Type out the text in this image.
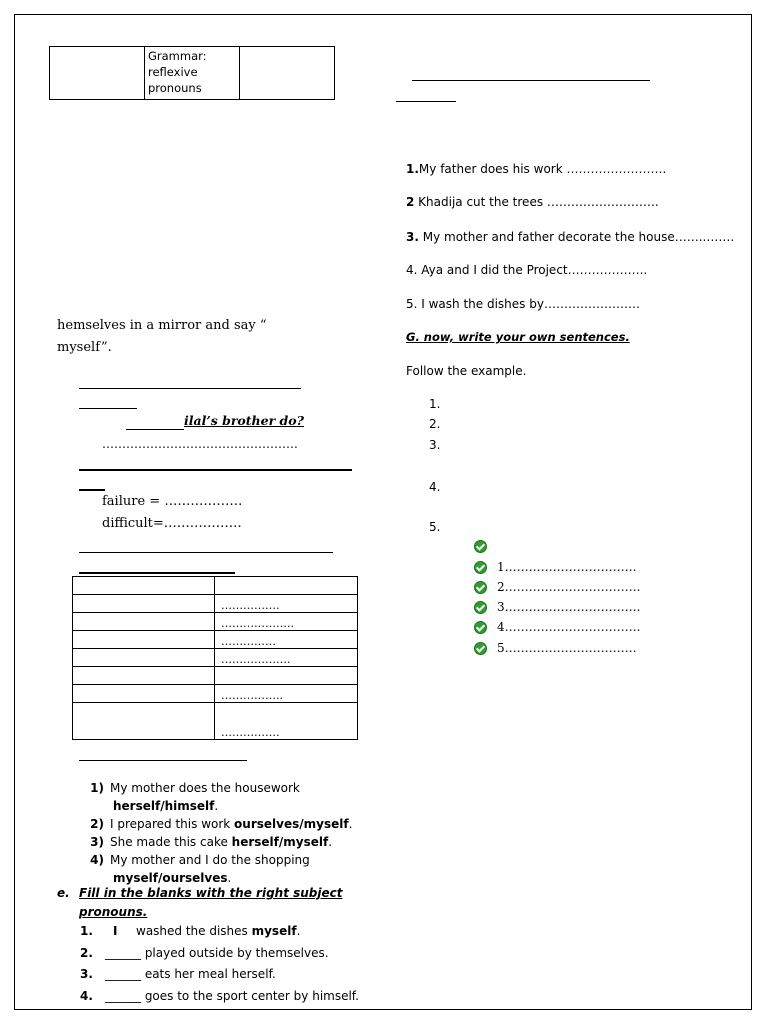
	Grammar:
reflexive
pronouns	
hemselves in a mirror and say “
myself”.
ilal’s brother do?
………………………………………….
failure = ………………
difficult=………………

	…………….
	………………..
	……………
	……………….

	……………..
	…………….
1) My mother does the housework
herself/himself.
2) I prepared this work ourselves/myself.
3) She made this cake herself/myself.
4) My mother and I do the shopping
myself/ourselves.
e. Fill in the blanks with the right subject
pronouns.
1. I washed the dishes myself.
2. ______ played outside by themselves.
3. ______ eats her meal herself.
4. ______ goes to the sport center by himself.
1.My father does his work …………………….
2 Khadija cut the trees ……………………….
3. My mother and father decorate the house……..…….
4. Aya and I did the Project………………..
5. I wash the dishes by……………………
G. now, write your own sentences.
Follow the example.
1.
2.
3.
4.
5.
1……………………………
2…………………………….
3…………………………….
4…………………………….
5……………………………
